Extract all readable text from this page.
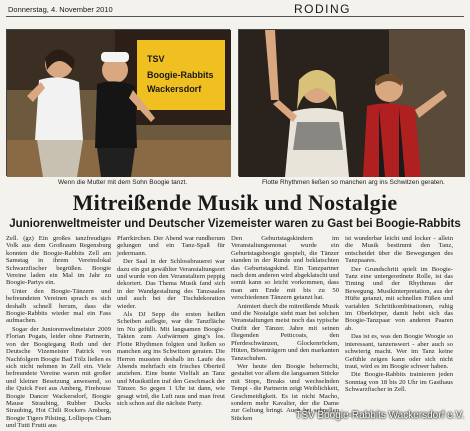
Donnerstag, 4. November 2010	RODING
TSV
Boogie-Rabbits
Wackersdorf
Wenn die Mutter mit dem Sohn Boogie tanzt.	Flotte Rhythmen ließen so manchen arg ins Schwitzen geraten.
Mitreißende Musik und Nostalgie
Juniorenweltmeister und Deutscher Vizemeister waren zu Gast bei Boogie-Rabbits

Zell. (gz) Ein großes tanzfreudiges Volk aus dem Großraum Regensburg konnten die Boogie-Rabbits Zell am Samstag in ihrem Vereinslokal Schwarzfischer begrüßen. Boogie Vereine laden ein Mal im Jahr zu Boogie-Partys ein.

Unter den Boogie-Tänzern und befreundeten Vereinen sprach es sich deshalb schnell herum, dass die Boogie-Rabbits wieder mal ein Fass aufmachen.

Sogar der Juniorenweltmeister 2009 Florian Pogats, leider ohne Partnerin, von der Boogiegang Roth und der Deutsche Vizemeister Patrick von Nachfolgern Boogie Bad Tölz ließen es sich nicht nehmen in Zell ein. Viele befreundete Vereine waren mit großer und kleiner Besetzung anwesend, so die Quick Feet aus Amberg, Firehouse Boogie Dancer Wackersdorf, Boogie Mause Straubing, Rubber Ducks Straubing, Hot Chili Rockers Amberg, Boogie Tigers Pilsting, Lollipops Cham und Tutti Frutti aus

Pfarrkirchen. Der Abend war rundherum gelungen und ein Tanz-Spaß für jedermann.

Der Saal in der Schlossbrauerei war dazu ein gut gewählter Veranstaltungsort und wurde von den Veranstaltern peppig dekoriert. Das Thema Musik fand sich in der Wandgestaltung des Tanzsaales und auch bei der Tischdekoration wieder.

Als DJ Sepp die ersten heißen Scheiben auflegte, war die Tanzfläche im Nu gefüllt. Mit langsamen Boogie-Takten zum Aufwärmen ging’s los. Flotte Rhythmen folgten und ließen so manchen arg ins Schwitzen geraten. Die Herren mussten deshalb im Laufe des Abends mehrfach ein frisches Oberteil anziehen. Eine bunte Vielfalt an Tanz und Musikstilen traf den Geschmack der Tänzer. So gegen 1 Uhr ist dann, wie gesagt wird, die Luft raus und man freut sich schon auf die nächste Party.

Den Geburtstagskindern im Veranstaltungsmonat wurde ein Geburtstagsboogie gespielt, die Tänzer standen in der Runde und beklatschten das Geburtstagskind. Ein Tanzpartner nach dem anderen wird abgeklatscht und somit kann so leicht vorkommen, dass man am Ende mit bis zu 50 verschiedenen Tänzern getanzt hat.

Animiert durch die mitreißende Musik und die Nostalgie sieht man bei solchen Veranstaltungen meist noch das typische Outfit der Tänzer. Jahre mit seinen fliegenden Petticoats, den Pferdeschwänzen, Glockenröcken, Hüten, Bösenträgern und den markanten Tanzschuhen.

Wer heute den Boogie beherrscht, gestaltet vor allem die langsamen Stücke mit Stops, Breaks und wechselnden Tempi - die Partnerin zeigt Weiblichkeit, Geschmeidigkeit. Es ist nicht Macho, sondern mehr Kavalier, der die Dame zur Geltung bringt. Auch bei schnellen Stücken

ist wunderbar leicht und locker - allein die Musik bestimmt den Tanz, entscheidet über die Bewegungen des Tanzpaares.

Der Grundschritt spielt im Boogie-Tanz eine untergeordnete Rolle, ist das Timing und der Rhythmus der Bewegung. Musikinterpretation, aus der Hüfte getanzt, mit schnellen Füßen und variablen Schrittkombinationen, ruhig im Oberkörper, damit hebt sich das Boogie-Tanzpaar von anderen Paaren ab.

Das ist es, was den Boogie Woogie so interessant, tanzenswert - aber auch so schwierig macht. Wer im Tanz keine Gefühle zeigen kann oder sich nicht traut, wird es im Boogie schwer haben.

Die Boogie-Rabbits trainieren jeden Sonntag von 18 bis 20 Uhr im Gasthaus Schwarzfischer in Zell.

TSV Boogie-Rabbits Wackersdorf e.V.
